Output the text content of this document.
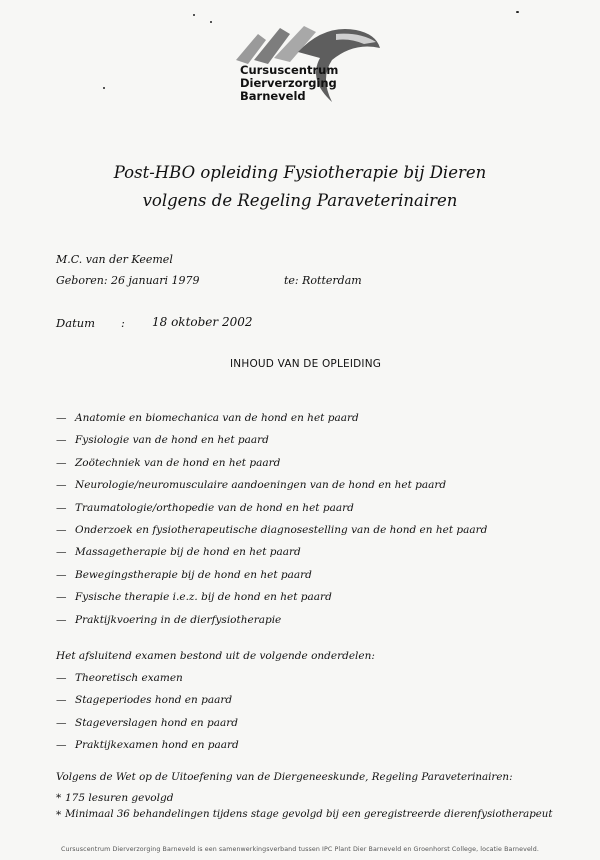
Cursuscentrum
Dierverzorging
Barneveld
Post-HBO opleiding Fysiotherapie bij Dieren
volgens de Regeling Paraveterinairen
M.C. van der Keemel
Geboren: 26 januari 1979	te: Rotterdam
Datum : 18 oktober 2002
INHOUD VAN DE OPLEIDING
— Anatomie en biomechanica van de hond en het paard
— Fysiologie van de hond en het paard
— Zoötechniek van de hond en het paard
— Neurologie/neuromusculaire aandoeningen van de hond en het paard
— Traumatologie/orthopedie van de hond en het paard
— Onderzoek en fysiotherapeutische diagnosestelling van de hond en het paard
— Massagetherapie bij de hond en het paard
— Bewegingstherapie bij de hond en het paard
— Fysische therapie i.e.z. bij de hond en het paard
— Praktijkvoering in de dierfysiotherapie
Het afsluitend examen bestond uit de volgende onderdelen:
— Theoretisch examen
— Stageperiodes hond en paard
— Stageverslagen hond en paard
— Praktijkexamen hond en paard
Volgens de Wet op de Uitoefening van de Diergeneeskunde, Regeling Paraveterinairen:
* 175 lesuren gevolgd
* Minimaal 36 behandelingen tijdens stage gevolgd bij een geregistreerde dierenfysiotherapeut
Cursuscentrum Dierverzorging Barneveld is een samenwerkingsverband tussen IPC Plant Dier Barneveld en Groenhorst College, locatie Barneveld.
